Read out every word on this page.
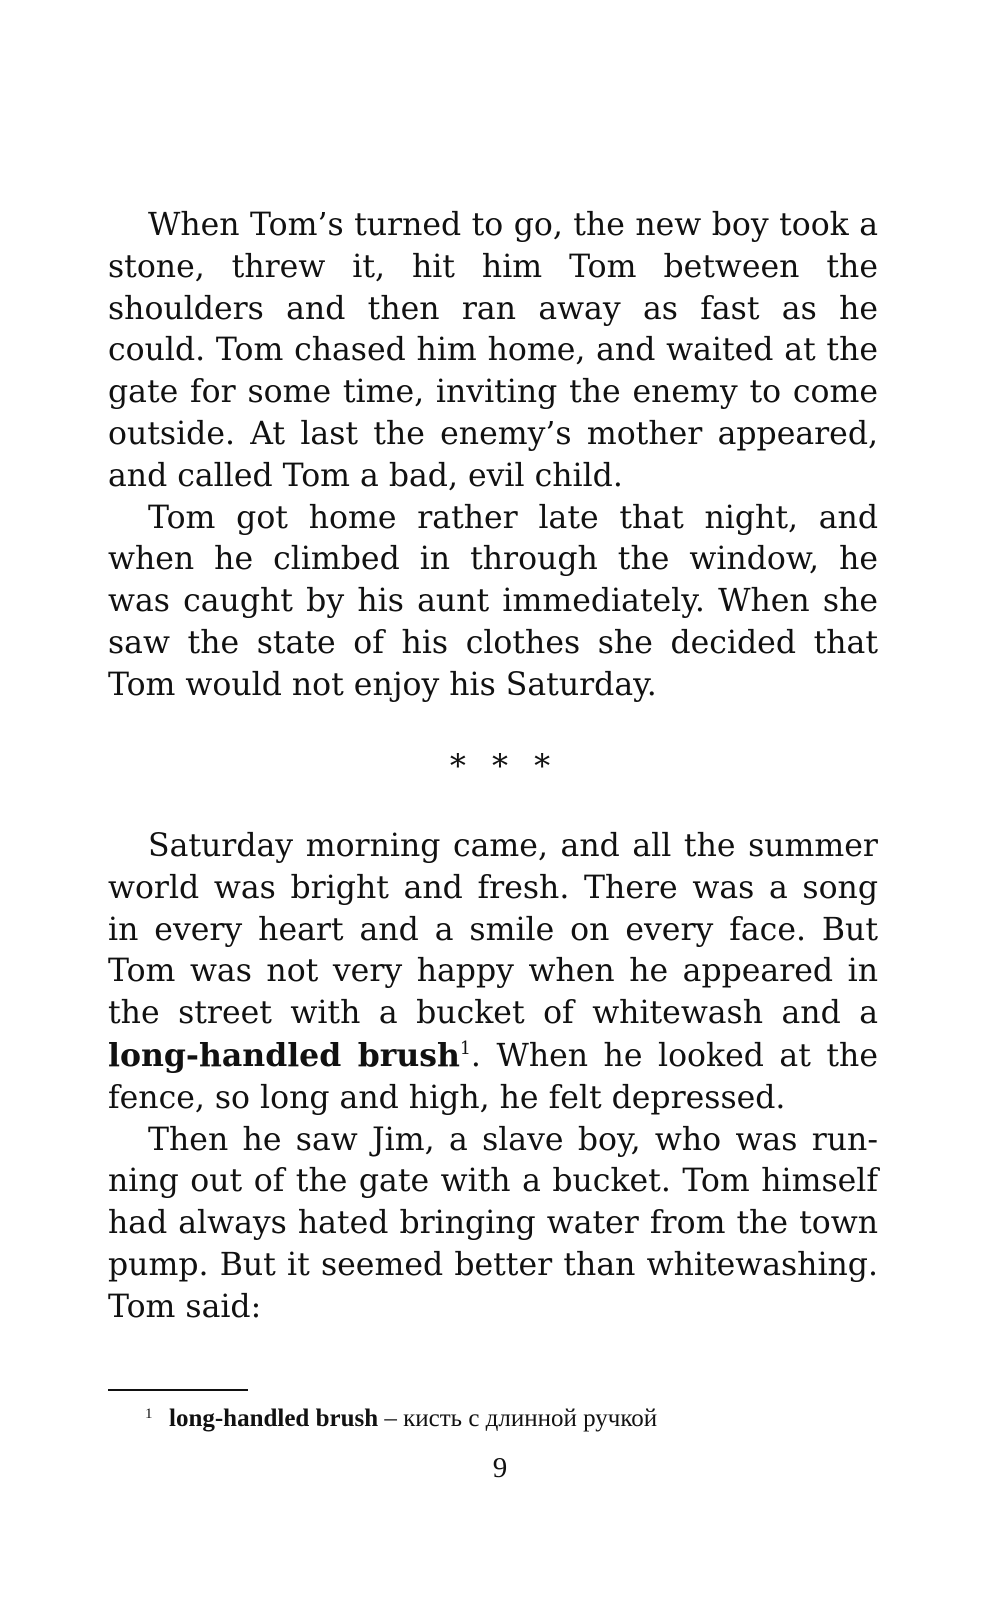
When Tom’s turned to go, the new boy took a stone, threw it, hit him Tom between the shoulders and then ran away as fast as he could. Tom chased him home, and waited at the gate for some time, inviting the enemy to come outside. At last the enemy’s mother appeared, and called Tom a bad, evil child.

Tom got home rather late that night, and when he climbed in through the window, he was caught by his aunt immediately. When she saw the state of his clothes she decided that Tom would not enjoy his Saturday.

* * *

Saturday morning came, and all the summer world was bright and fresh. There was a song in every heart and a smile on every face. But Tom was not very happy when he appeared in the street with a bucket of whitewash and a long-handled brush$^1$. When he looked at the fence, so long and high, he felt depressed.

Then he saw Jim, a slave boy, who was running out of the gate with a bucket. Tom himself had always hated bringing water from the town pump. But it seemed better than whitewashing. Tom said:

1 long-handled brush – кисть с длинной ручкой
9
